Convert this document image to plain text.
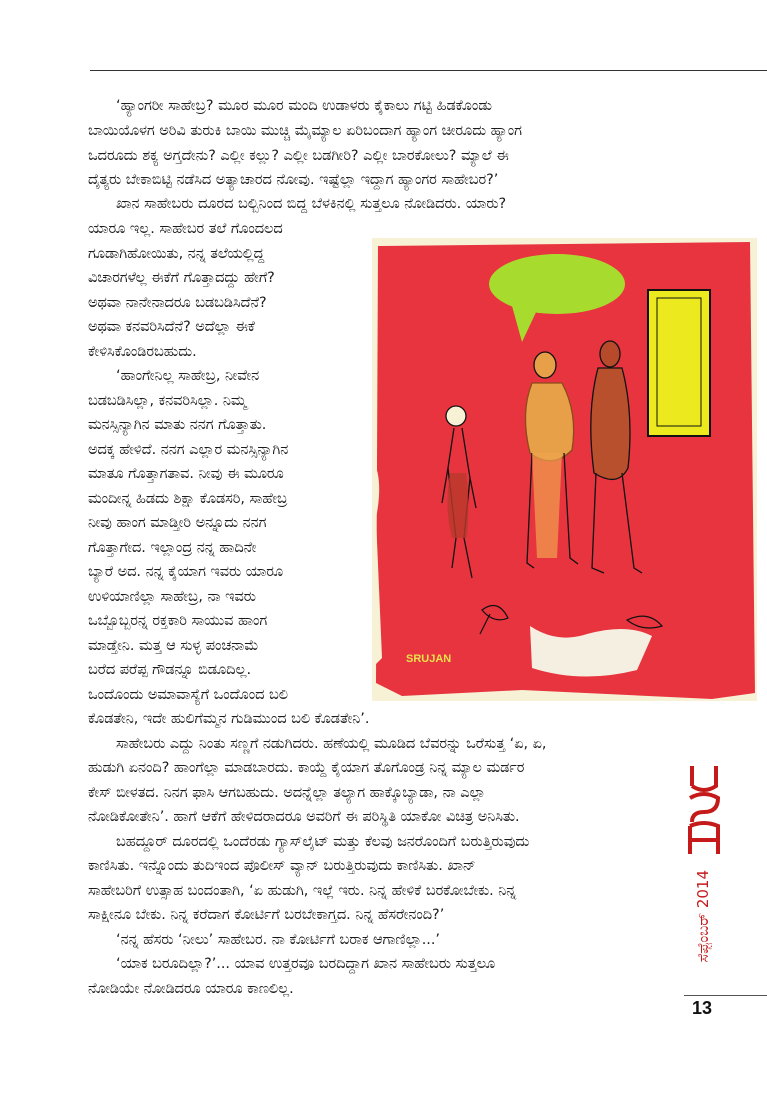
‘ಹ್ಯಾಂಗರೀ ಸಾಹೇಬ್ರ? ಮೂರ ಮೂರ ಮಂದಿ ಉಡಾಳರು ಕೈಕಾಲು ಗಟ್ಟಿ ಹಿಡಕೊಂಡು
ಬಾಯಿಯೊಳಗ ಅರಿವಿ ತುರುಕಿ ಬಾಯಿ ಮುಚ್ಚಿ ಮೈಮ್ಯಾಲ ಏರಿಬಂದಾಗ ಹ್ಯಾಂಗ ಚೀರೂದು ಹ್ಯಾಂಗ
ಒದರೂದು ಶಕ್ಯ ಅಗ್ತದೇನು? ಎಲ್ಲೀ ಕಲ್ಲು? ಎಲ್ಲೀ ಬಡಗೀರಿ? ಎಲ್ಲೀ ಬಾರಕೋಲು? ಮ್ಯಾಲೆ ಈ
ದೈತ್ಯರು ಬೇಕಾಬಿಟ್ಟಿ ನಡೆಸಿದ ಅತ್ಯಾಚಾರದ ನೋವು. ಇಷ್ಟೆಲ್ಲಾ ಇದ್ದಾಗ ಹ್ಯಾಂಗರ ಸಾಹೇಬರ?’
ಖಾನ ಸಾಹೇಬರು ದೂರದ ಬಲ್ಬಿನಿಂದ ಬಿದ್ದ ಬೆಳಕಿನಲ್ಲಿ ಸುತ್ತಲೂ ನೋಡಿದರು. ಯಾರು?
ಯಾರೂ ಇಲ್ಲ. ಸಾಹೇಬರ ತಲೆ ಗೊಂದಲದ
ಗೂಡಾಗಿಹೋಯಿತು, ನನ್ನ ತಲೆಯಲ್ಲಿದ್ದ
ವಿಚಾರಗಳೆಲ್ಲ ಈಕೆಗೆ ಗೊತ್ತಾದದ್ದು ಹೇಗೆ?
ಅಥವಾ ನಾನೇನಾದರೂ ಬಡಬಡಿಸಿದೆನೆ?
ಅಥವಾ ಕನವರಿಸಿದೆನೆ? ಅದೆಲ್ಲಾ ಈಕೆ
ಕೇಳಿಸಿಕೊಂಡಿರಬಹುದು.
‘ಹಾಂಗೇನಿಲ್ಲ ಸಾಹೇಬ್ರ, ನೀವೇನ
ಬಡಬಡಿಸಿಲ್ಲಾ, ಕನವರಿಸಿಲ್ಲಾ. ನಿಮ್ಮ
ಮನಸ್ಸಿನ್ಯಾಗಿನ ಮಾತು ನನಗ ಗೊತ್ತಾತು.
ಅದಕ್ಕ ಹೇಳಿದೆ. ನನಗ ಎಲ್ಲಾರ ಮನಸ್ಸಿನ್ಯಾಗಿನ
ಮಾತೂ ಗೊತ್ತಾಗತಾವ. ನೀವು ಈ ಮೂರೂ
ಮಂದೀನ್ನ ಹಿಡದು ಶಿಕ್ಷಾ ಕೊಡಸರಿ, ಸಾಹೇಬ್ರ
ನೀವು ಹಾಂಗ ಮಾಡ್ತೀರಿ ಅನ್ನೂದು ನನಗ
ಗೊತ್ತಾಗೇದ. ಇಲ್ಲಾಂದ್ರ ನನ್ನ ಹಾದಿನೇ
ಬ್ಯಾರೆ ಅದ. ನನ್ನ ಕೈಯಾಗ ಇವರು ಯಾರೂ
ಉಳಿಯಾಣಿಲ್ಲಾ ಸಾಹೇಬ್ರ, ನಾ ಇವರು
ಒಬ್ಬೊಬ್ಬರನ್ನ ರಕ್ತಕಾರಿ ಸಾಯುವ ಹಾಂಗ
ಮಾಡ್ತೇನಿ. ಮತ್ತ ಆ ಸುಳ್ಳ ಪಂಚನಾಮೆ
ಬರೆದ ಪರೆಪ್ಪ ಗೌಡನ್ನೂ ಬಿಡೂದಿಲ್ಲ.
ಒಂದೊಂದು ಅಮಾವಾಸ್ಯೆಗೆ ಒಂದೊಂದ ಬಲಿ
ಕೊಡತೇನಿ, ಇದೇ ಹುಲಿಗೆಮ್ಮನ ಗುಡಿಮುಂದ ಬಲಿ ಕೊಡತೇನಿ’.
ಸಾಹೇಬರು ಎದ್ದು ನಿಂತು ಸಣ್ಣಗೆ ನಡುಗಿದರು. ಹಣೆಯಲ್ಲಿ ಮೂಡಿದ ಬೆವರನ್ನು ಒರೆಸುತ್ತ ‘ಏ, ಏ,
ಹುಡುಗಿ ಏನಂದಿ? ಹಾಂಗೆಲ್ಲಾ ಮಾಡಬಾರದು. ಕಾಯ್ದೆ ಕೈಯಾಗ ತೊಗೊಂಡ್ರ ನಿನ್ನ ಮ್ಯಾಲ ಮರ್ಡರ
ಕೇಸ್ ಬೀಳತದ. ನಿನಗ ಫಾಸಿ ಆಗಬಹುದು. ಅದನ್ನೆಲ್ಲಾ ತಲ್ಯಾಗ ಹಾಕ್ಕೊಬ್ಯಾಡಾ, ನಾ ಎಲ್ಲಾ
ನೋಡಿಕೋತೇನಿ’. ಹಾಗೆ ಆಕೆಗೆ ಹೇಳಿದರಾದರೂ ಅವರಿಗೆ ಈ ಪರಿಸ್ಥಿತಿ ಯಾಕೋ ವಿಚಿತ್ರ ಅನಿಸಿತು.
ಬಹದ್ದೂರ್ ದೂರದಲ್ಲಿ ಒಂದೆರಡು ಗ್ಯಾಸ್‌ಲೈಟ್ ಮತ್ತು ಕೆಲವು ಜನರೊಂದಿಗೆ ಬರುತ್ತಿರುವುದು
ಕಾಣಿಸಿತು. ಇನ್ನೊಂದು ತುದಿಇಂದ ಪೊಲೀಸ್ ವ್ಯಾನ್ ಬರುತ್ತಿರುವುದು ಕಾಣಿಸಿತು. ಖಾನ್
ಸಾಹೇಬರಿಗೆ ಉತ್ಸಾಹ ಬಂದಂತಾಗಿ, ‘ಏ ಹುಡುಗಿ, ಇಲ್ಲೆ ಇರು. ನಿನ್ನ ಹೇಳಿಕೆ ಬರಕೋಬೇಕು. ನಿನ್ನ
ಸಾಕ್ಷೀನೂ ಬೇಕು. ನಿನ್ನ ಕರೆದಾಗ ಕೋರ್ಟಿಗೆ ಬರಬೇಕಾಗ್ತದ. ನಿನ್ನ ಹೆಸರೇನಂದಿ?’
‘ನನ್ನ ಹೆಸರು ‘ನೀಲು’ ಸಾಹೇಬರ. ನಾ ಕೋರ್ಟಿಗೆ ಬರಾಕ ಆಗಾಣಿಲ್ಲಾ...’
‘ಯಾಕ ಬರೂದಿಲ್ಲಾ?’... ಯಾವ ಉತ್ತರವೂ ಬರದಿದ್ದಾಗ ಖಾನ ಸಾಹೇಬರು ಸುತ್ತಲೂ
ನೋಡಿಯೇ ನೋಡಿದರೂ ಯಾರೂ ಕಾಣಲಿಲ್ಲ.
SRUJAN
ಸೆಪ್ಟೆಂಬರ್ 2014
13
